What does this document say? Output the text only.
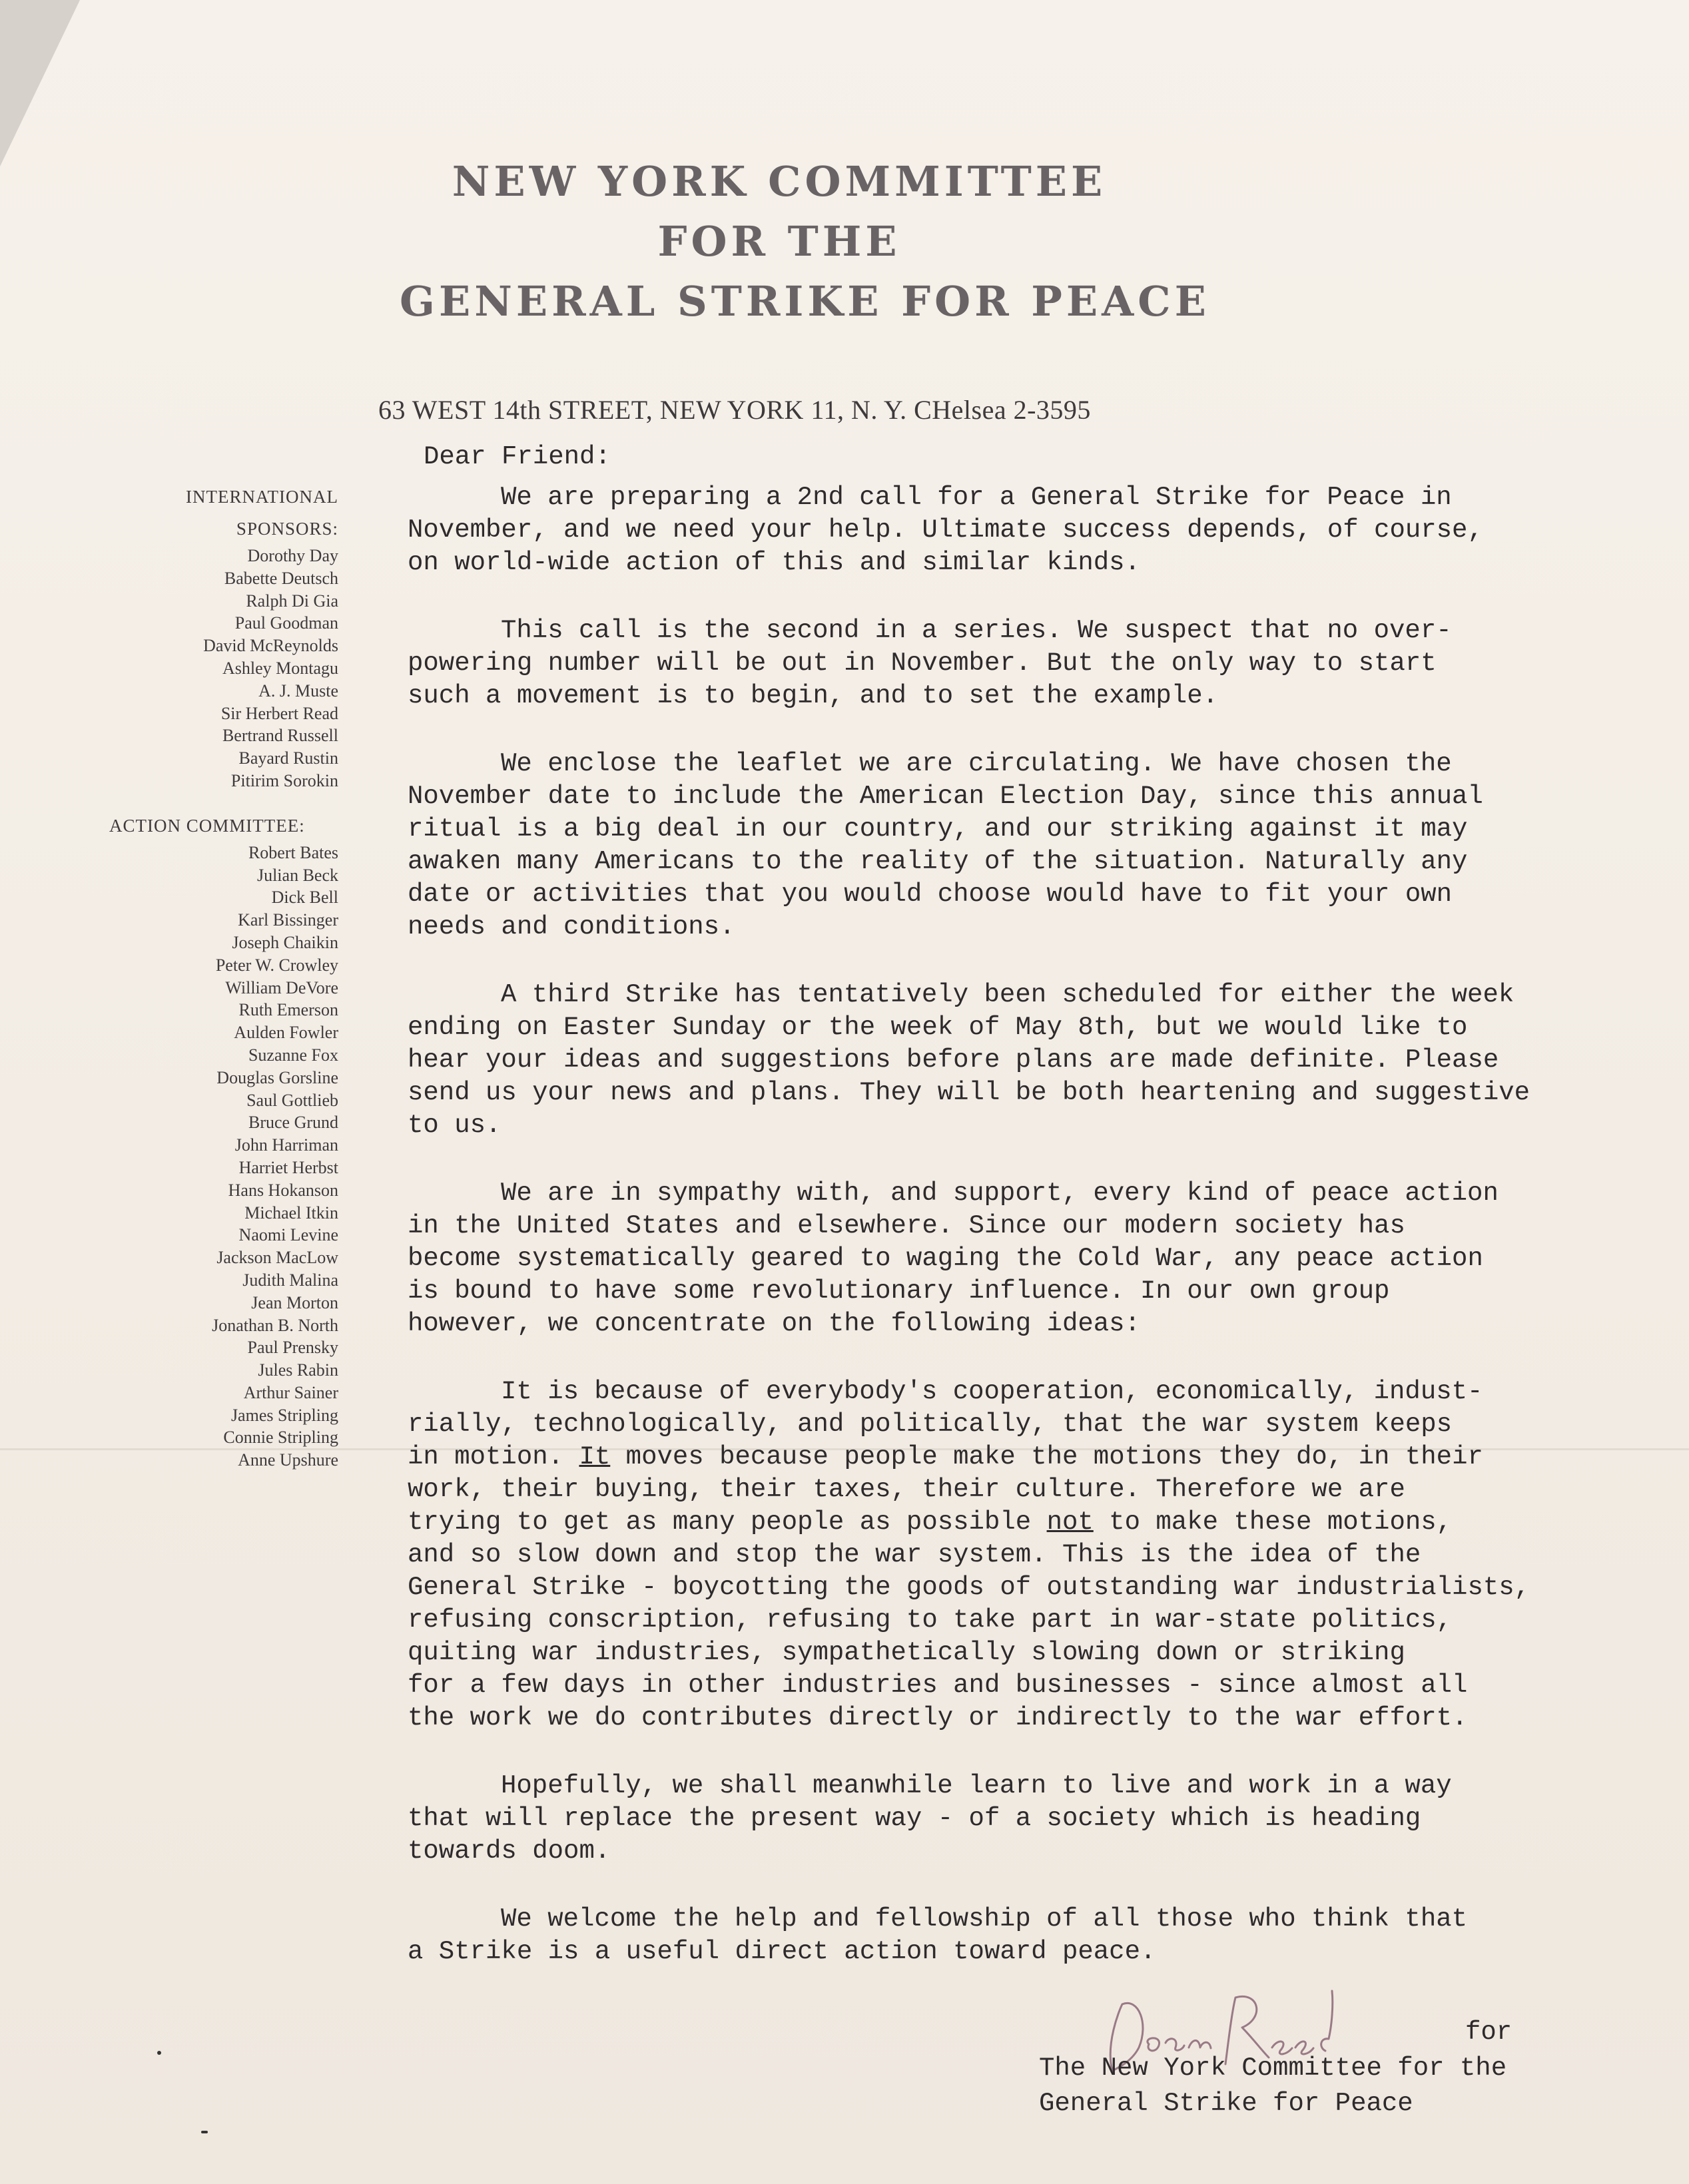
NEW YORK COMMITTEE
FOR THE
GENERAL STRIKE FOR PEACE
63 WEST 14th STREET, NEW YORK 11, N. Y. CHelsea 2-3595
INTERNATIONAL
SPONSORS:
Dorothy Day
Babette Deutsch
Ralph Di Gia
Paul Goodman
David McReynolds
Ashley Montagu
A. J. Muste
Sir Herbert Read
Bertrand Russell
Bayard Rustin
Pitirim Sorokin
ACTION COMMITTEE:
Robert Bates
Julian Beck
Dick Bell
Karl Bissinger
Joseph Chaikin
Peter W. Crowley
William DeVore
Ruth Emerson
Aulden Fowler
Suzanne Fox
Douglas Gorsline
Saul Gottlieb
Bruce Grund
John Harriman
Harriet Herbst
Hans Hokanson
Michael Itkin
Naomi Levine
Jackson MacLow
Judith Malina
Jean Morton
Jonathan B. North
Paul Prensky
Jules Rabin
Arthur Sainer
James Stripling
Connie Stripling
Anne Upshure
Dear Friend:
We are preparing a 2nd call for a General Strike for Peace in
November, and we need your help. Ultimate success depends, of course,
on world-wide action of this and similar kinds.
This call is the second in a series. We suspect that no over-
powering number will be out in November. But the only way to start
such a movement is to begin, and to set the example.
We enclose the leaflet we are circulating. We have chosen the
November date to include the American Election Day, since this annual
ritual is a big deal in our country, and our striking against it may
awaken many Americans to the reality of the situation. Naturally any
date or activities that you would choose would have to fit your own
needs and conditions.
A third Strike has tentatively been scheduled for either the week
ending on Easter Sunday or the week of May 8th, but we would like to
hear your ideas and suggestions before plans are made definite. Please
send us your news and plans. They will be both heartening and suggestive
to us.
We are in sympathy with, and support, every kind of peace action
in the United States and elsewhere. Since our modern society has
become systematically geared to waging the Cold War, any peace action
is bound to have some revolutionary influence. In our own group
however, we concentrate on the following ideas:
It is because of everybody's cooperation, economically, indust-
rially, technologically, and politically, that the war system keeps
in motion. It moves because people make the motions they do, in their
work, their buying, their taxes, their culture. Therefore we are
trying to get as many people as possible not to make these motions,
and so slow down and stop the war system. This is the idea of the
General Strike - boycotting the goods of outstanding war industrialists,
refusing conscription, refusing to take part in war-state politics,
quiting war industries, sympathetically slowing down or striking
for a few days in other industries and businesses - since almost all
the work we do contributes directly or indirectly to the war effort.
Hopefully, we shall meanwhile learn to live and work in a way
that will replace the present way - of a society which is heading
towards doom.
We welcome the help and fellowship of all those who think that
a Strike is a useful direct action toward peace.
for
The New York Committee for the
General Strike for Peace
